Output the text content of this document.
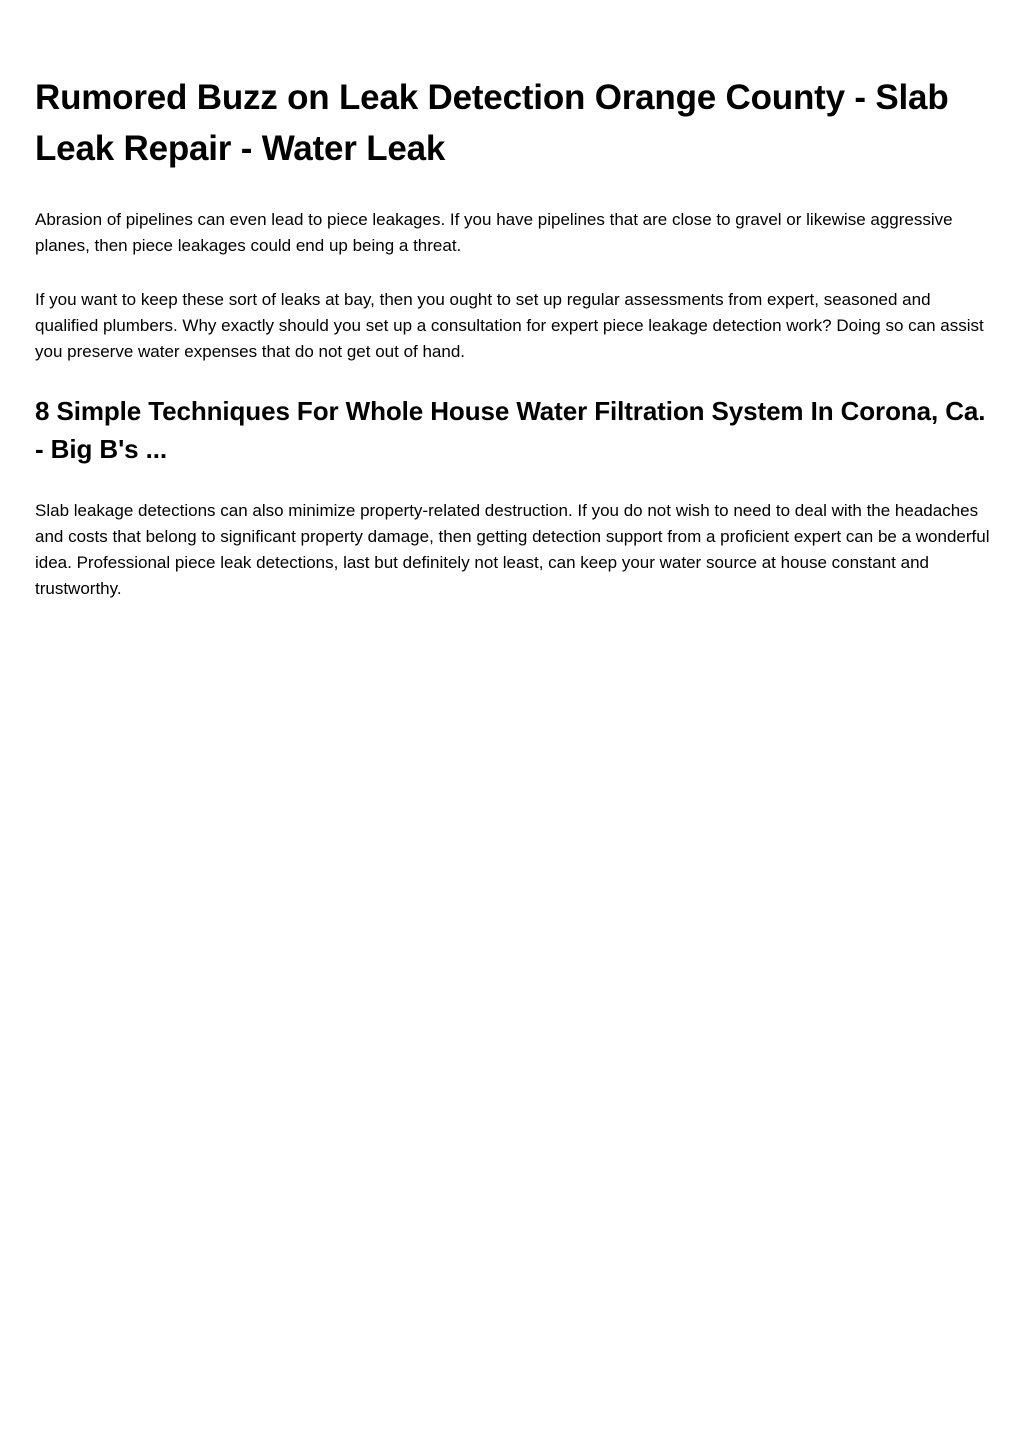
Rumored Buzz on Leak Detection Orange County - Slab Leak Repair - Water Leak

Abrasion of pipelines can even lead to piece leakages. If you have pipelines that are close to gravel or likewise aggressive planes, then piece leakages could end up being a threat.

If you want to keep these sort of leaks at bay, then you ought to set up regular assessments from expert, seasoned and qualified plumbers. Why exactly should you set up a consultation for expert piece leakage detection work? Doing so can assist you preserve water expenses that do not get out of hand.

8 Simple Techniques For Whole House Water Filtration System In Corona, Ca. - Big B's ...

Slab leakage detections can also minimize property-related destruction. If you do not wish to need to deal with the headaches and costs that belong to significant property damage, then getting detection support from a proficient expert can be a wonderful idea. Professional piece leak detections, last but definitely not least, can keep your water source at house constant and trustworthy.
